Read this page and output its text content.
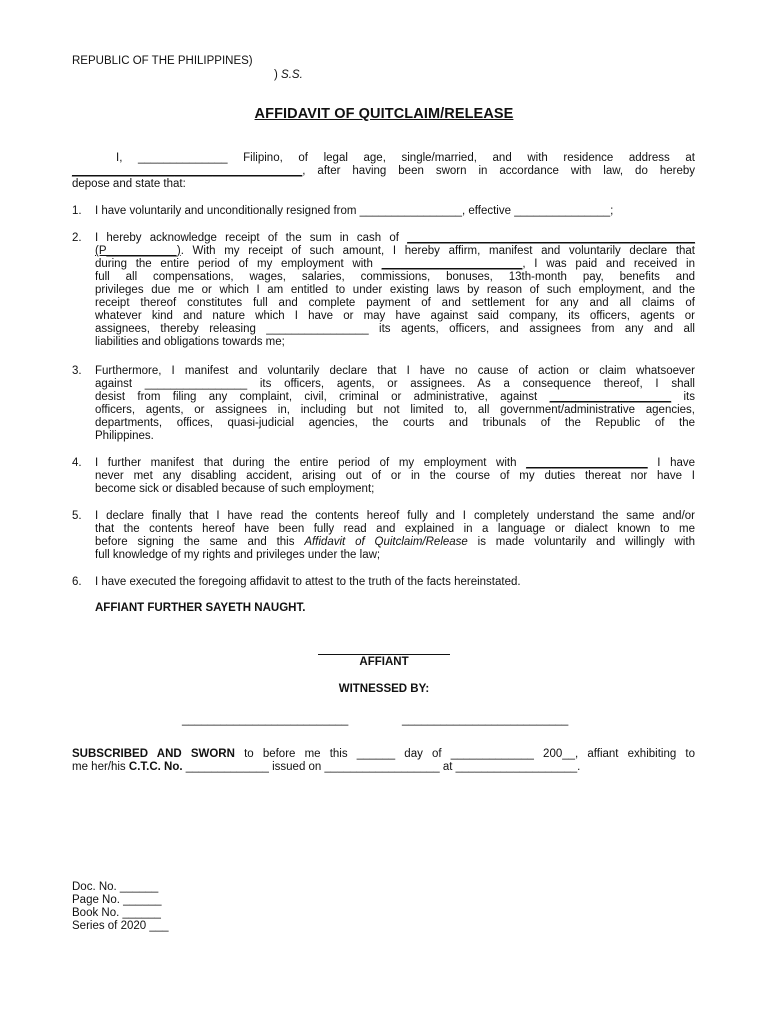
REPUBLIC OF THE PHILIPPINES)
) S.S.
AFFIDAVIT OF QUITCLAIM/RELEASE
I, ______________ Filipino, of legal age, single/married, and with residence address at
____________________________________, after having been sworn in accordance with law, do hereby
depose and state that:
1.	I have voluntarily and unconditionally resigned from ________________, effective _______________;
2.	I hereby acknowledge receipt of the sum in cash of _____________________________________________
(P___________). With my receipt of such amount, I hereby affirm, manifest and voluntarily declare that
during the entire period of my employment with ______________________, I was paid and received in
full all compensations, wages, salaries, commissions, bonuses, 13th-month pay, benefits and
privileges due me or which I am entitled to under existing laws by reason of such employment, and the
receipt thereof constitutes full and complete payment of and settlement for any and all claims of
whatever kind and nature which I have or may have against said company, its officers, agents or
assignees, thereby releasing ________________ its agents, officers, and assignees from any and all
liabilities and obligations towards me;
3.	Furthermore, I manifest and voluntarily declare that I have no cause of action or claim whatsoever
against ________________ its officers, agents, or assignees. As a consequence thereof, I shall
desist from filing any complaint, civil, criminal or administrative, against ___________________ its
officers, agents, or assignees in, including but not limited to, all government/administrative agencies,
departments, offices, quasi-judicial agencies, the courts and tribunals of the Republic of the
Philippines.
4.	I further manifest that during the entire period of my employment with ___________________ I have
never met any disabling accident, arising out of or in the course of my duties thereat nor have I
become sick or disabled because of such employment;
5.	I declare finally that I have read the contents hereof fully and I completely understand the same and/or
that the contents hereof have been fully read and explained in a language or dialect known to me
before signing the same and this Affidavit of Quitclaim/Release is made voluntarily and willingly with
full knowledge of my rights and privileges under the law;
6.	I have executed the foregoing affidavit to attest to the truth of the facts hereinstated.
AFFIANT FURTHER SAYETH NAUGHT.
AFFIANT
WITNESSED BY:
__________________________	__________________________
SUBSCRIBED AND SWORN to before me this ______ day of _____________ 200__, affiant exhibiting to
me her/his C.T.C. No. _____________ issued on __________________ at ___________________.
Doc. No. ______
Page No. ______
Book No. ______
Series of 2020 ___
